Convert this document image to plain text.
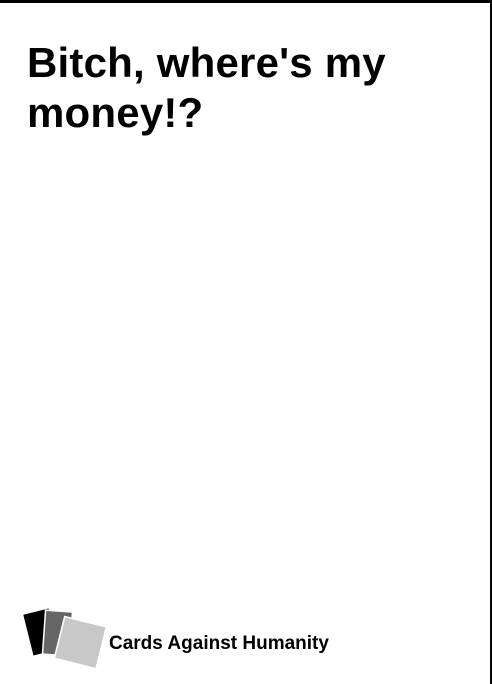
Bitch, where's my money!?

Cards Against Humanity
